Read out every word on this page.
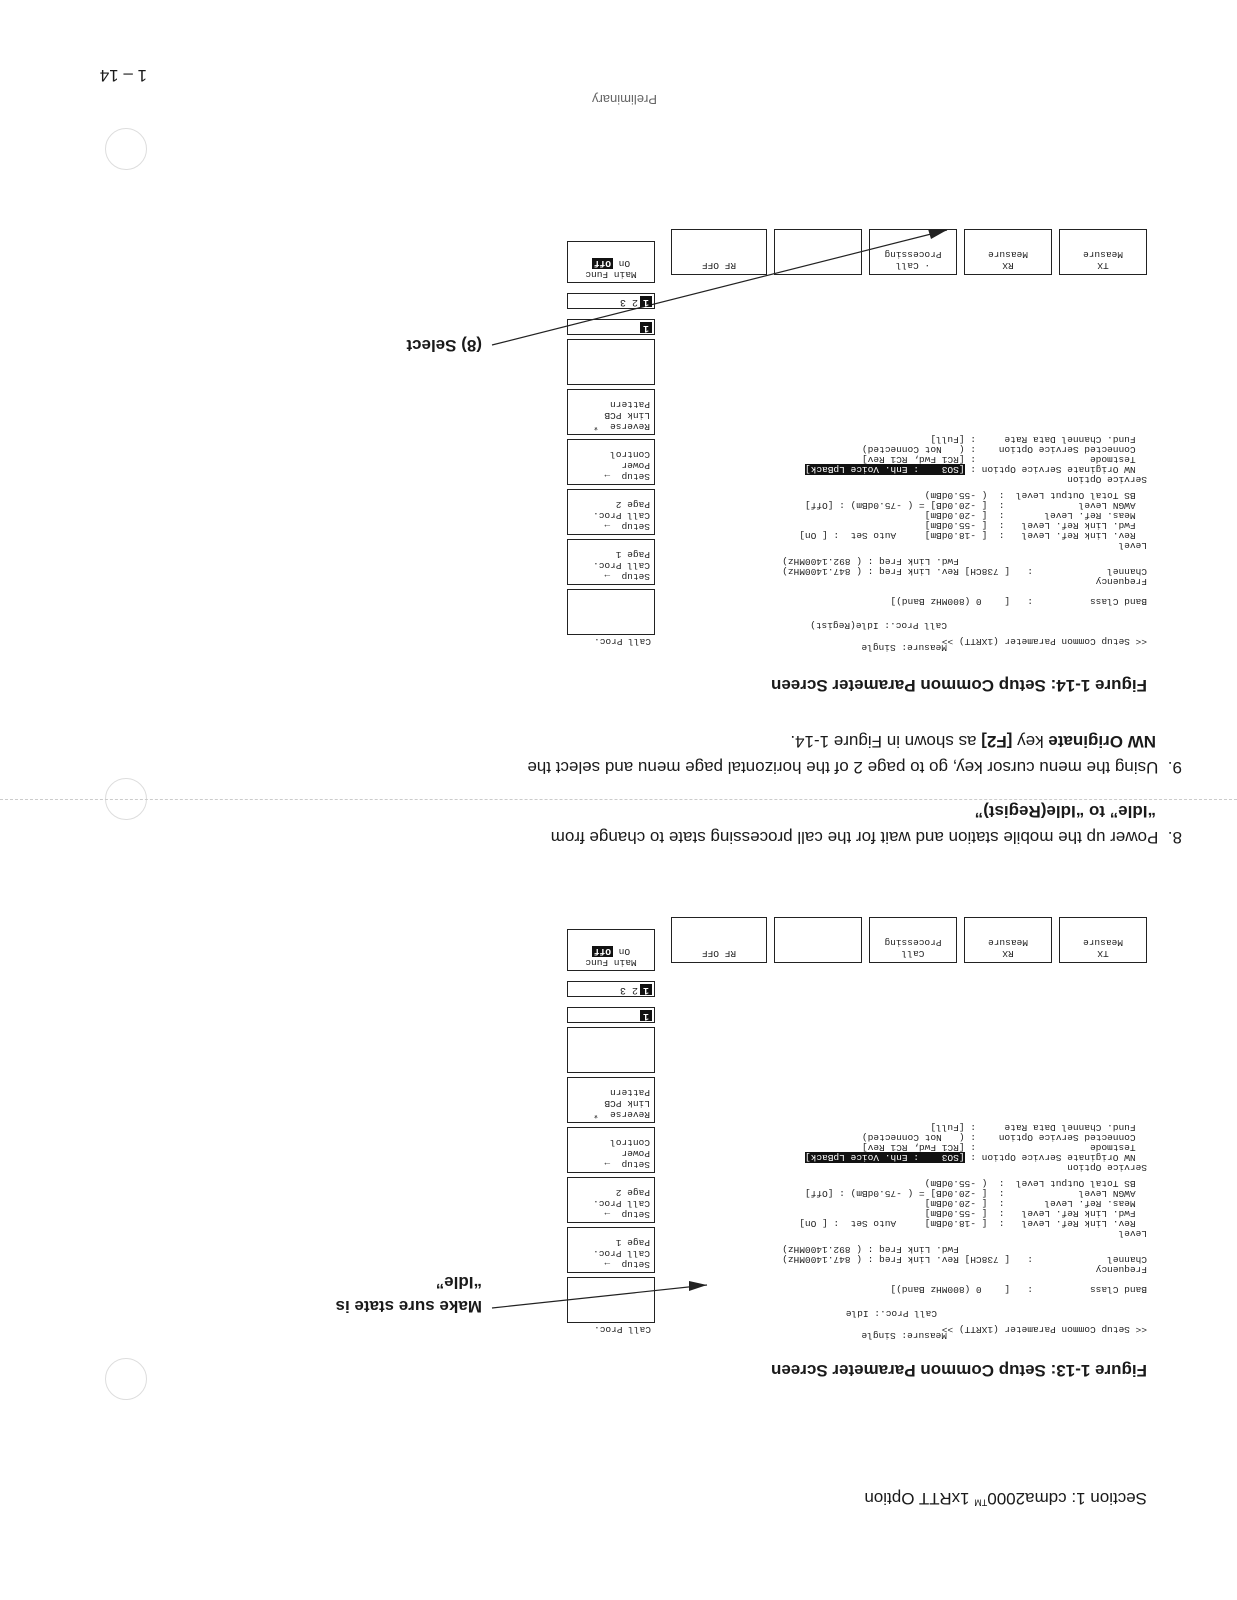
Section 1: cdma2000™ 1xRTT Option
Figure 1-13: Setup Common Parameter Screen
<< Setup Common Parameter (1XRTT) >>
Measure: Single
Call Proc.: Idle
Band Class          :   [    0 (800MHz Band)]
Frequency
Channel             :   [ 738CH] Rev. Link Freq : ( 847.1400MHz)
Fwd. Link Freq : ( 892.1400MHz)
Level
Rev. Link Ref. Level   :  [ -18.0dBm]     Auto Set  : [ On]
Fwd. Link Ref. Level   :  [ -55.0dBm]
Meas. Ref. Level       :  [ -20.0dBm]
AWGN Level             :  [ -20.0dB] = ( -75.0dBm) : [Off]
BS Total Output Level  :  ( -55.0dBm)
Service Option
NW Originate Service Option : [SO3    : Enh. Voice LpBack]
Testmode                    : [RC1 Fwd, RC1 Rev]
Connected Service Option    : (   Not Connected)
Fund. Channel Data Rate     : [Full]
Call Proc.
Setup  →
Call Proc.
Page 1
Setup  →
Call Proc.
Page 2
Setup  →
Power
Control
Reverse  *
Link PCB
Pattern
1
12 3
Main Func
On Off	TX
Measure
RX
Measure
Call
Processing
RF OFF
Make sure state is
“Idle”
8.  Power up the mobile station and wait for the call processing state to change from
“Idle” to “Idle(Regist)”
9.  Using the menu cursor key, go to page 2 of the horizontal page menu and select the
NW Originate key [F2] as shown in Figure 1-14.
Figure 1-14: Setup Common Parameter Screen
<< Setup Common Parameter (1XRTT) >>
Measure: Single
Call Proc.: Idle(Regist)
Band Class          :   [    0 (800MHz Band)]
Frequency
Channel             :   [ 738CH] Rev. Link Freq : ( 847.1400MHz)
Fwd. Link Freq : ( 892.1400MHz)
Level
Rev. Link Ref. Level   :  [ -18.0dBm]     Auto Set  : [ On]
Fwd. Link Ref. Level   :  [ -55.0dBm]
Meas. Ref. Level       :  [ -20.0dBm]
AWGN Level             :  [ -20.0dB] = ( -75.0dBm) : [Off]
BS Total Output Level  :  ( -55.0dBm)
Service Option
NW Originate Service Option : [SO3    : Enh. Voice LpBack]
Testmode                    : [RC1 Fwd, RC1 Rev]
Connected Service Option    : (   Not Connected)
Fund. Channel Data Rate     : [Full]
Call Proc.
Setup  →
Call Proc.
Page 1
Setup  →
Call Proc.
Page 2
Setup  →
Power
Control
Reverse  *
Link PCB
Pattern
1
12 3
Main Func
On Off	TX
Measure
RX
Measure
· Call
Processing
RF OFF
(8) Select
Preliminary
1 – 14
